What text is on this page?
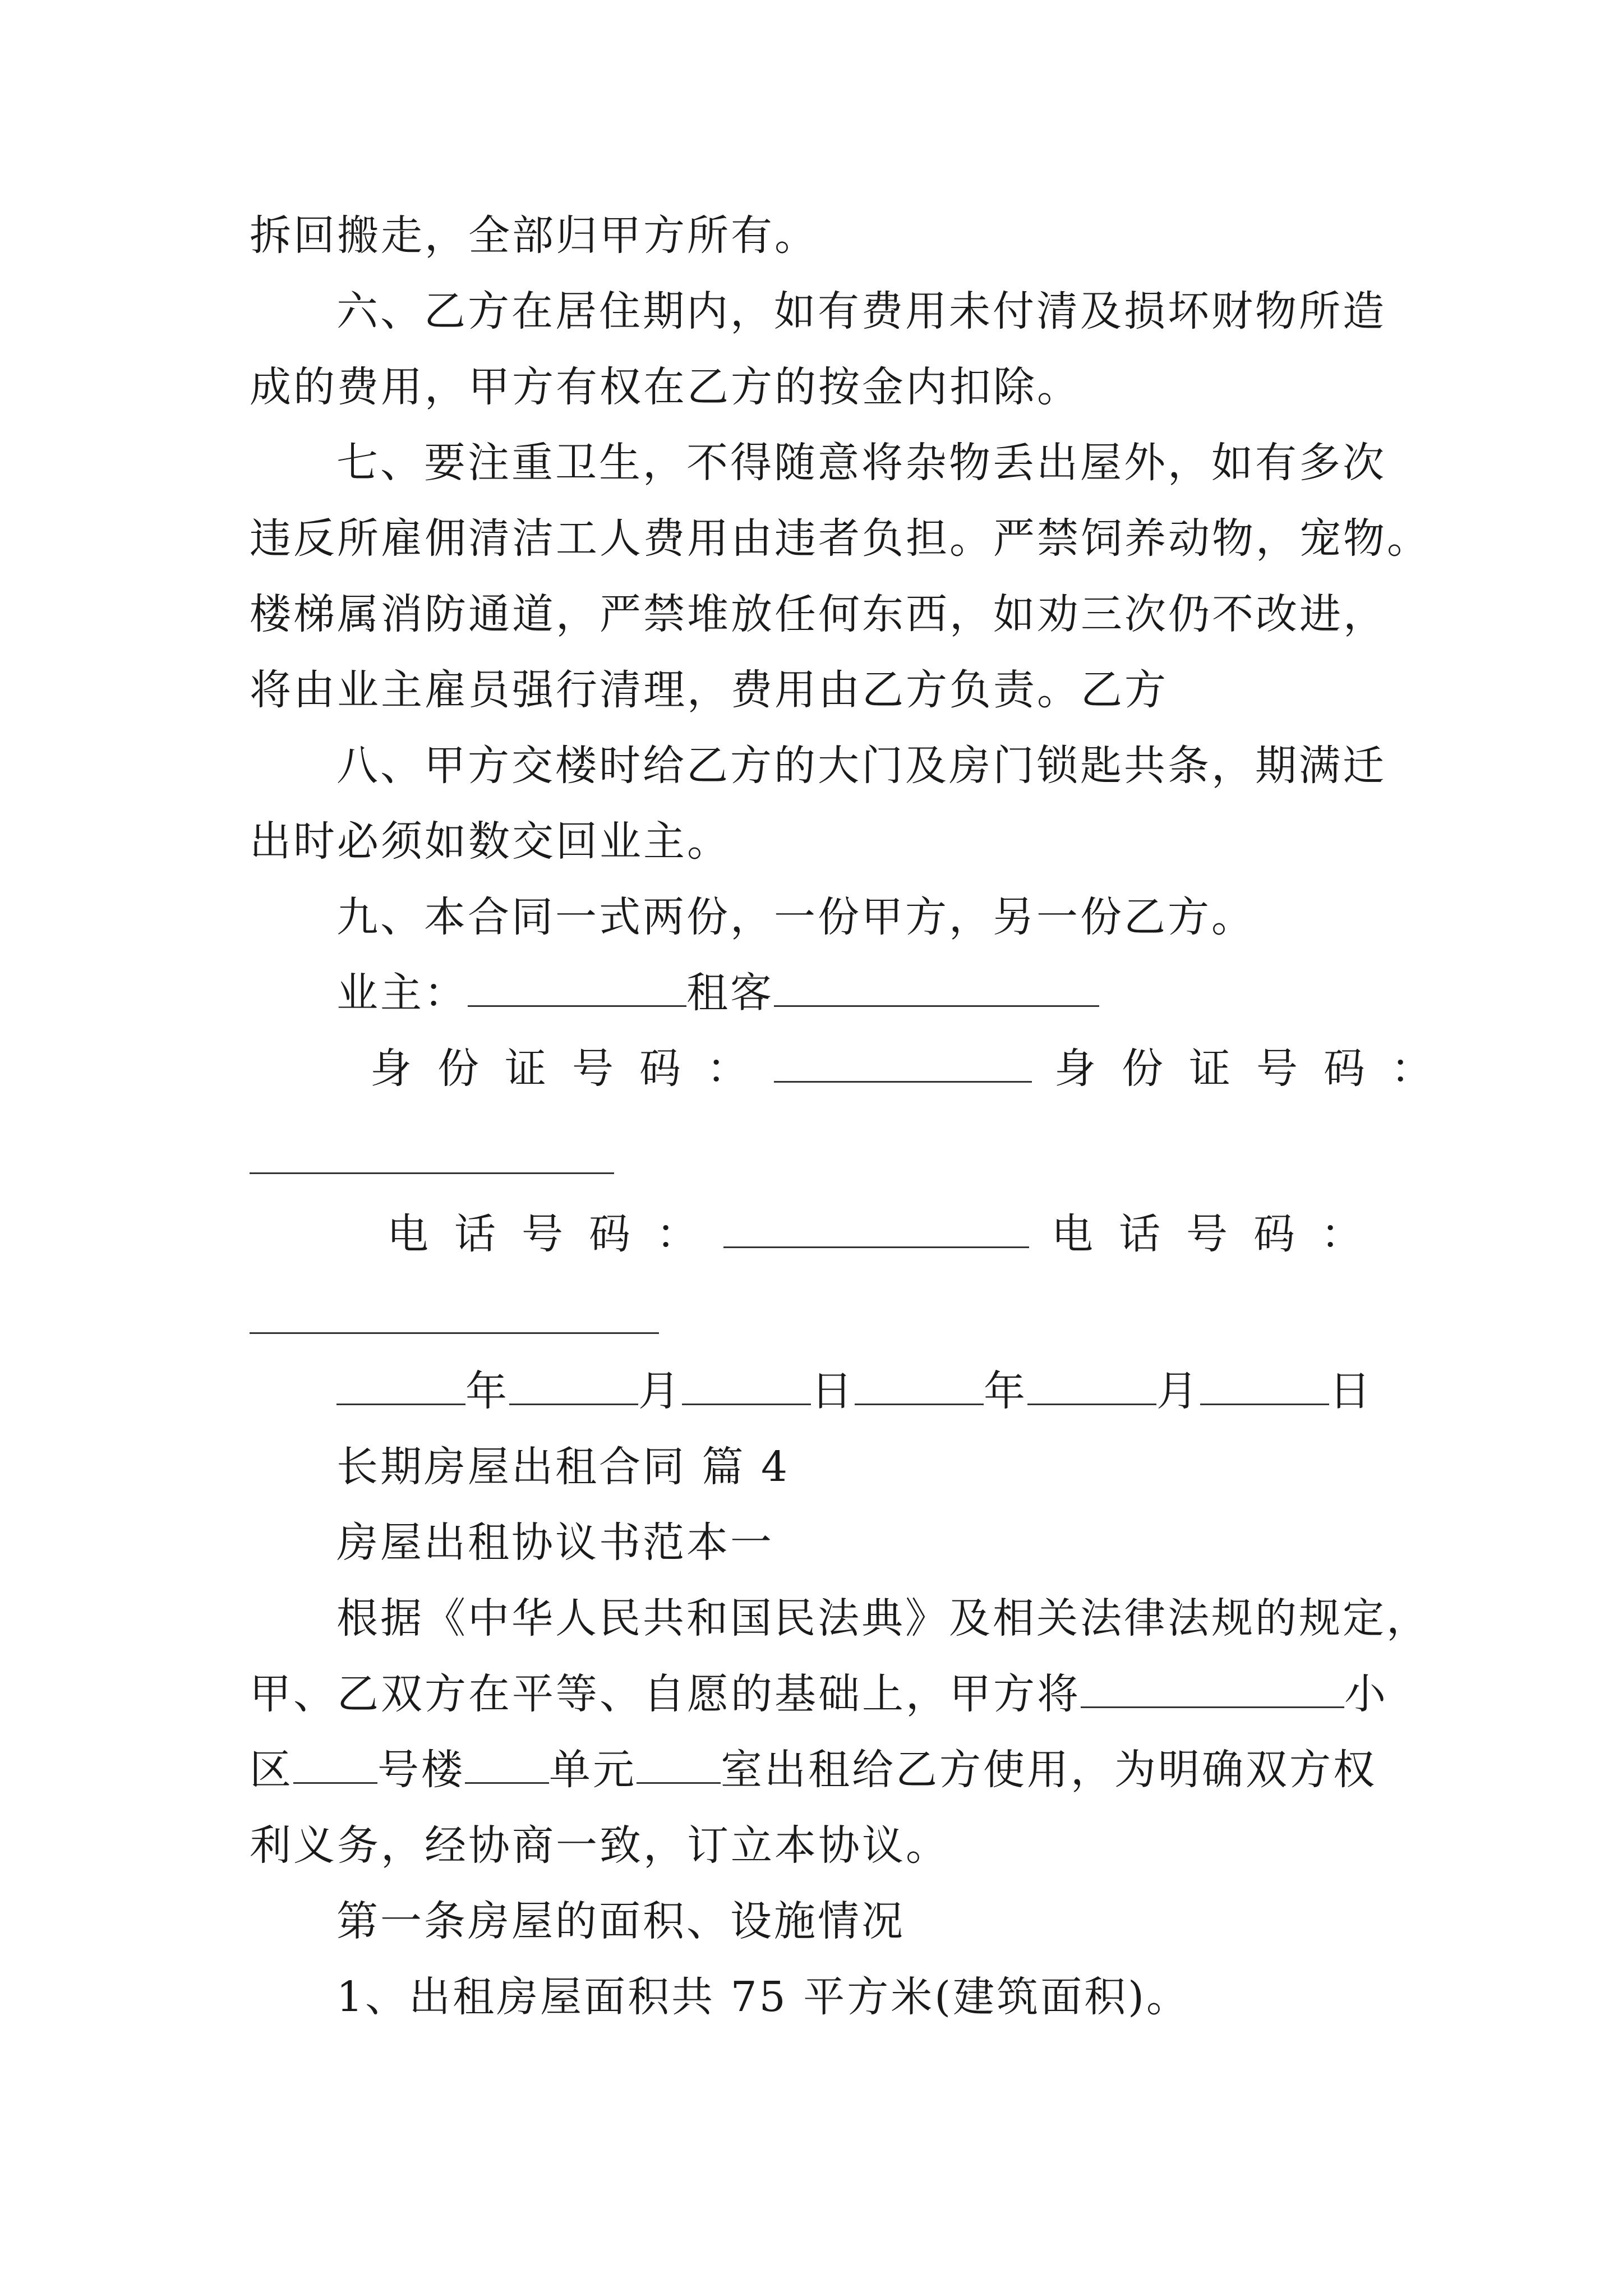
拆回搬走，全部归甲方所有。
六、乙方在居住期内，如有费用未付清及损坏财物所造
成的费用，甲方有权在乙方的按金内扣除。
七、要注重卫生，不得随意将杂物丢出屋外，如有多次
违反所雇佣清洁工人费用由违者负担。严禁饲养动物，宠物。
楼梯属消防通道，严禁堆放任何东西，如劝三次仍不改进，
将由业主雇员强行清理，费用由乙方负责。乙方
八、甲方交楼时给乙方的大门及房门锁匙共条，期满迁
出时必须如数交回业主。
九、本合同一式两份，一份甲方，另一份乙方。
业主：	租客
身份证号码：	身份证号码：
电话号码：	电话号码：
年	月	日	年	月	日
长期房屋出租合同 篇 4
房屋出租协议书范本一
根据《中华人民共和国民法典》及相关法律法规的规定，
甲、乙双方在平等、自愿的基础上，甲方将	小
区 号楼 单元 室出租给乙方使用，为明确双方权
利义务，经协商一致，订立本协议。
第一条房屋的面积、设施情况
1、出租房屋面积共 75 平方米(建筑面积)。
